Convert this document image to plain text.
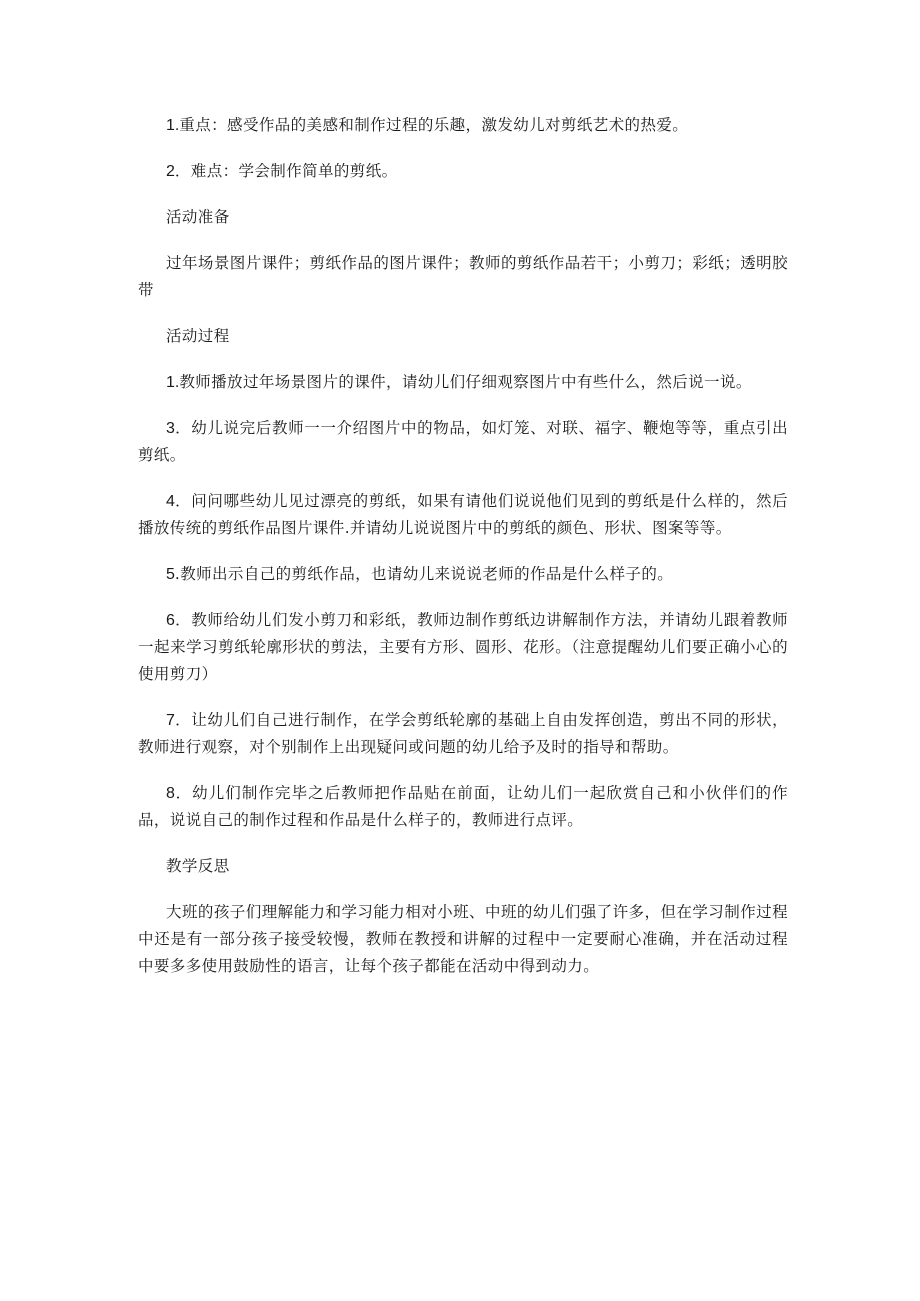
1.重点：感受作品的美感和制作过程的乐趣，激发幼儿对剪纸艺术的热爱。

2．难点：学会制作简单的剪纸。

活动准备

过年场景图片课件；剪纸作品的图片课件；教师的剪纸作品若干；小剪刀；彩纸；透明胶带

活动过程

1.教师播放过年场景图片的课件，请幼儿们仔细观察图片中有些什么，然后说一说。

3．幼儿说完后教师一一介绍图片中的物品，如灯笼、对联、福字、鞭炮等等，重点引出剪纸。

4．问问哪些幼儿见过漂亮的剪纸，如果有请他们说说他们见到的剪纸是什么样的，然后播放传统的剪纸作品图片课件.并请幼儿说说图片中的剪纸的颜色、形状、图案等等。

5.教师出示自己的剪纸作品，也请幼儿来说说老师的作品是什么样子的。

6．教师给幼儿们发小剪刀和彩纸，教师边制作剪纸边讲解制作方法，并请幼儿跟着教师一起来学习剪纸轮廓形状的剪法，主要有方形、圆形、花形。（注意提醒幼儿们要正确小心的使用剪刀）

7．让幼儿们自己进行制作，在学会剪纸轮廓的基础上自由发挥创造，剪出不同的形状，教师进行观察，对个别制作上出现疑问或问题的幼儿给予及时的指导和帮助。

8．幼儿们制作完毕之后教师把作品贴在前面，让幼儿们一起欣赏自己和小伙伴们的作品，说说自己的制作过程和作品是什么样子的，教师进行点评。

教学反思

大班的孩子们理解能力和学习能力相对小班、中班的幼儿们强了许多，但在学习制作过程中还是有一部分孩子接受较慢，教师在教授和讲解的过程中一定要耐心准确，并在活动过程中要多多使用鼓励性的语言，让每个孩子都能在活动中得到动力。
